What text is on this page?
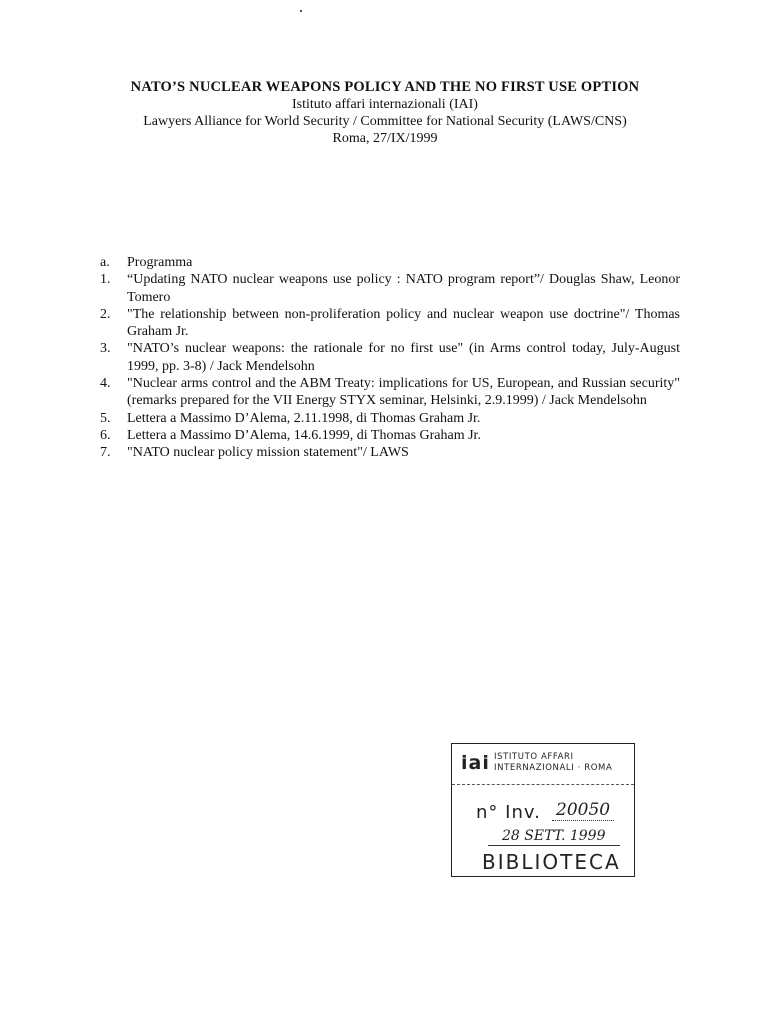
NATO’S NUCLEAR WEAPONS POLICY AND THE NO FIRST USE OPTION
Istituto affari internazionali (IAI)
Lawyers Alliance for World Security / Committee for National Security (LAWS/CNS)
Roma, 27/IX/1999
a.	Programma
1.	“Updating NATO nuclear weapons use policy : NATO program report”/ Douglas Shaw, Leonor Tomero
2.	"The relationship between non-proliferation policy and nuclear weapon use doctrine"/ Thomas Graham Jr.
3.	"NATO’s nuclear weapons: the rationale for no first use" (in Arms control today, July-August 1999, pp. 3-8) / Jack Mendelsohn
4.	"Nuclear arms control and the ABM Treaty: implications for US, European, and Russian security" (remarks prepared for the VII Energy STYX seminar, Helsinki, 2.9.1999) / Jack Mendelsohn
5.	Lettera a Massimo D’Alema, 2.11.1998, di Thomas Graham Jr.
6.	Lettera a Massimo D’Alema, 14.6.1999, di Thomas Graham Jr.
7.	"NATO nuclear policy mission statement"/ LAWS
iai ISTITUTO AFFARI
INTERNAZIONALI · ROMA
n° Inv. 20050
28 SETT. 1999
BIBLIOTECA
